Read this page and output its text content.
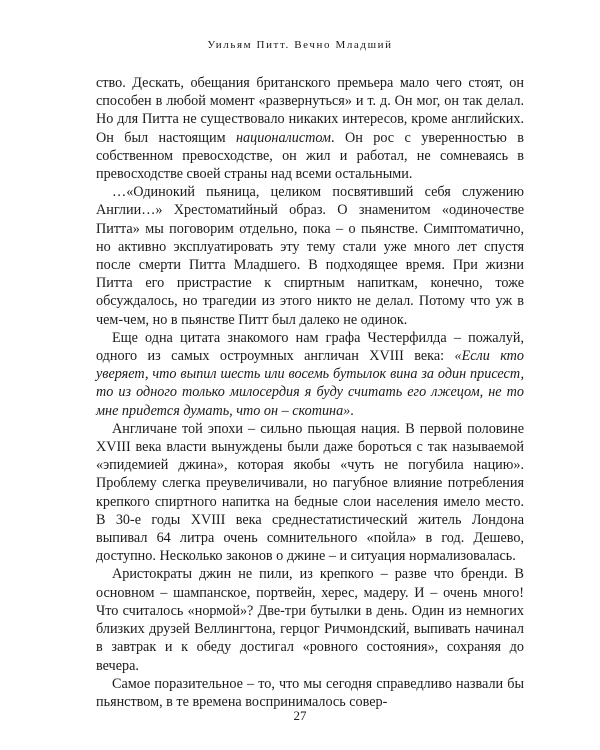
Уильям Питт. Вечно Младший

ство. Дескать, обещания британского премьера мало чего стоят, он способен в любой момент «развернуться» и т. д. Он мог, он так делал. Но для Питта не существовало никаких интересов, кроме английских. Он был настоящим националистом. Он рос с уверенностью в собственном превосходстве, он жил и работал, не сомневаясь в превосходстве своей страны над всеми остальными.

…«Одинокий пьяница, целиком посвятивший себя служению Англии…» Хрестоматийный образ. О знаменитом «одиночестве Питта» мы поговорим отдельно, пока – о пьянстве. Симптоматично, но активно эксплуатировать эту тему стали уже много лет спустя после смерти Питта Младшего. В подходящее время. При жизни Питта его пристрастие к спиртным напиткам, конечно, тоже обсуждалось, но трагедии из этого никто не делал. Потому что уж в чем-чем, но в пьянстве Питт был далеко не одинок.

Еще одна цитата знакомого нам графа Честерфилда – пожалуй, одного из самых остроумных англичан XVIII века: «Если кто уверяет, что выпил шесть или восемь бутылок вина за один присест, то из одного только милосердия я буду считать его лжецом, не то мне придется думать, что он – скотина».

Англичане той эпохи – сильно пьющая нация. В первой половине XVIII века власти вынуждены были даже бороться с так называемой «эпидемией джина», которая якобы «чуть не погубила нацию». Проблему слегка преувеличивали, но пагубное влияние потребления крепкого спиртного напитка на бедные слои населения имело место. В 30-е годы XVIII века среднестатистический житель Лондона выпивал 64 литра очень сомнительного «пойла» в год. Дешево, доступно. Несколько законов о джине – и ситуация нормализовалась.

Аристократы джин не пили, из крепкого – разве что бренди. В основном – шампанское, портвейн, херес, мадеру. И – очень много! Что считалось «нормой»? Две-три бутылки в день. Один из немногих близких друзей Веллингтона, герцог Ричмондский, выпивать начинал в завтрак и к обеду достигал «ровного состояния», сохраняя до вечера.

Самое поразительное – то, что мы сегодня справедливо назвали бы пьянством, в те времена воспринималось совер-

27
